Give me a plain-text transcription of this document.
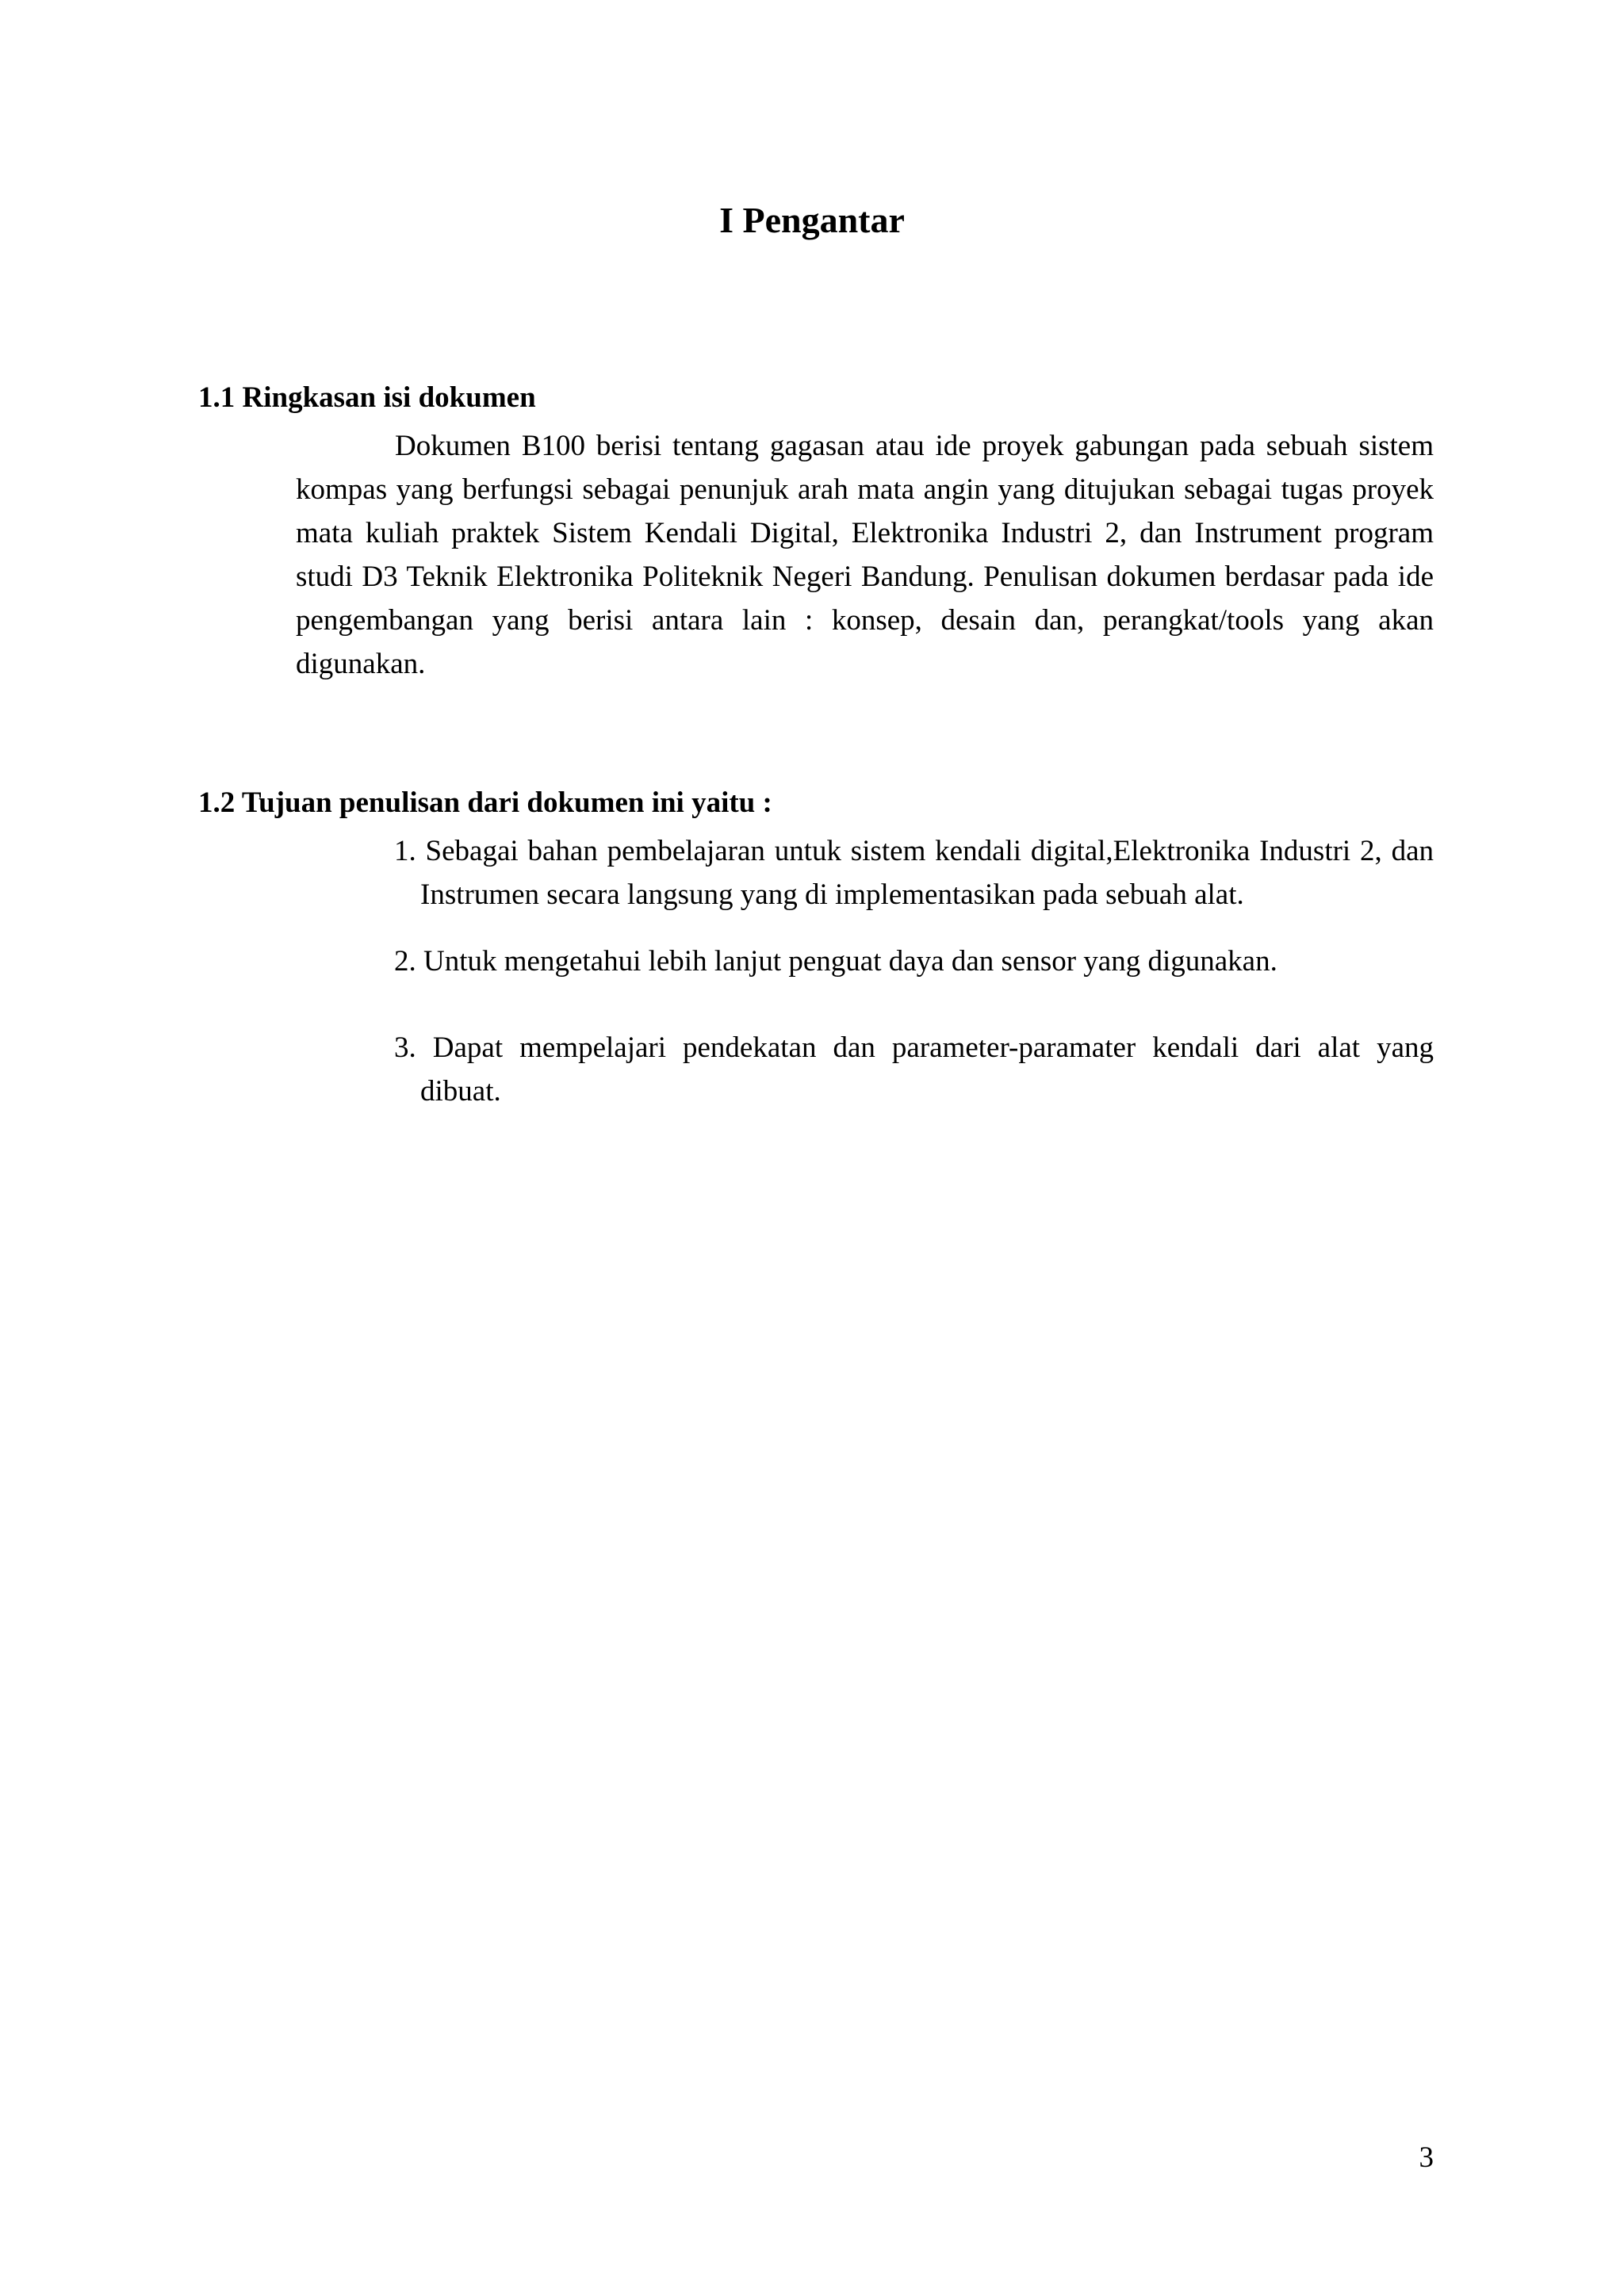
I Pengantar
1.1 Ringkasan isi dokumen

Dokumen B100 berisi tentang gagasan atau ide proyek gabungan pada sebuah sistem kompas yang berfungsi sebagai penunjuk arah mata angin yang ditujukan sebagai tugas proyek mata kuliah praktek Sistem Kendali Digital, Elektronika Industri 2, dan Instrument program studi D3 Teknik Elektronika Politeknik Negeri Bandung. Penulisan dokumen berdasar pada ide pengembangan yang berisi antara lain : konsep, desain dan, perangkat/tools yang akan digunakan.

1.2 Tujuan penulisan dari dokumen ini yaitu :

1. Sebagai bahan pembelajaran untuk sistem kendali digital,Elektronika Industri 2, dan Instrumen secara langsung yang di implementasikan pada sebuah alat.

2. Untuk mengetahui lebih lanjut penguat daya dan sensor yang digunakan.

3. Dapat mempelajari pendekatan dan parameter-paramater kendali dari alat yang dibuat.

3
